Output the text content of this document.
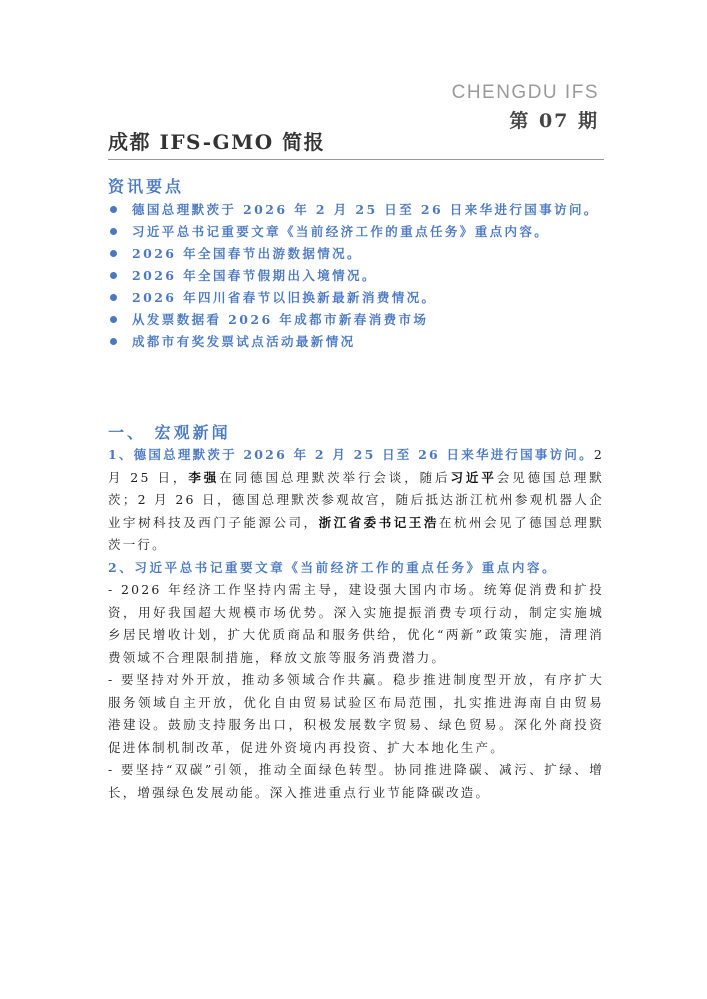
CHENGDU IFS
第 07 期
成都 IFS-GMO 简报
资讯要点
德国总理默茨于 2026 年 2 月 25 日至 26 日来华进行国事访问。
习近平总书记重要文章《当前经济工作的重点任务》重点内容。
2026 年全国春节出游数据情况。
2026 年全国春节假期出入境情况。
2026 年四川省春节以旧换新最新消费情况。
从发票数据看 2026 年成都市新春消费市场
成都市有奖发票试点活动最新情况
一、 宏观新闻

1、德国总理默茨于 2026 年 2 月 25 日至 26 日来华进行国事访问。2 月 25 日，李强在同德国总理默茨举行会谈，随后习近平会见德国总理默茨；2 月 26 日，德国总理默茨参观故宫，随后抵达浙江杭州参观机器人企业宇树科技及西门子能源公司，浙江省委书记王浩在杭州会见了德国总理默茨一行。

2、习近平总书记重要文章《当前经济工作的重点任务》重点内容。

- 2026 年经济工作坚持内需主导，建设强大国内市场。统筹促消费和扩投资，用好我国超大规模市场优势。深入实施提振消费专项行动，制定实施城乡居民增收计划，扩大优质商品和服务供给，优化“两新”政策实施，清理消费领域不合理限制措施，释放文旅等服务消费潜力。

- 要坚持对外开放，推动多领域合作共赢。稳步推进制度型开放，有序扩大服务领域自主开放，优化自由贸易试验区布局范围，扎实推进海南自由贸易港建设。鼓励支持服务出口，积极发展数字贸易、绿色贸易。深化外商投资促进体制机制改革，促进外资境内再投资、扩大本地化生产。

- 要坚持“双碳”引领，推动全面绿色转型。协同推进降碳、减污、扩绿、增长，增强绿色发展动能。深入推进重点行业节能降碳改造。
